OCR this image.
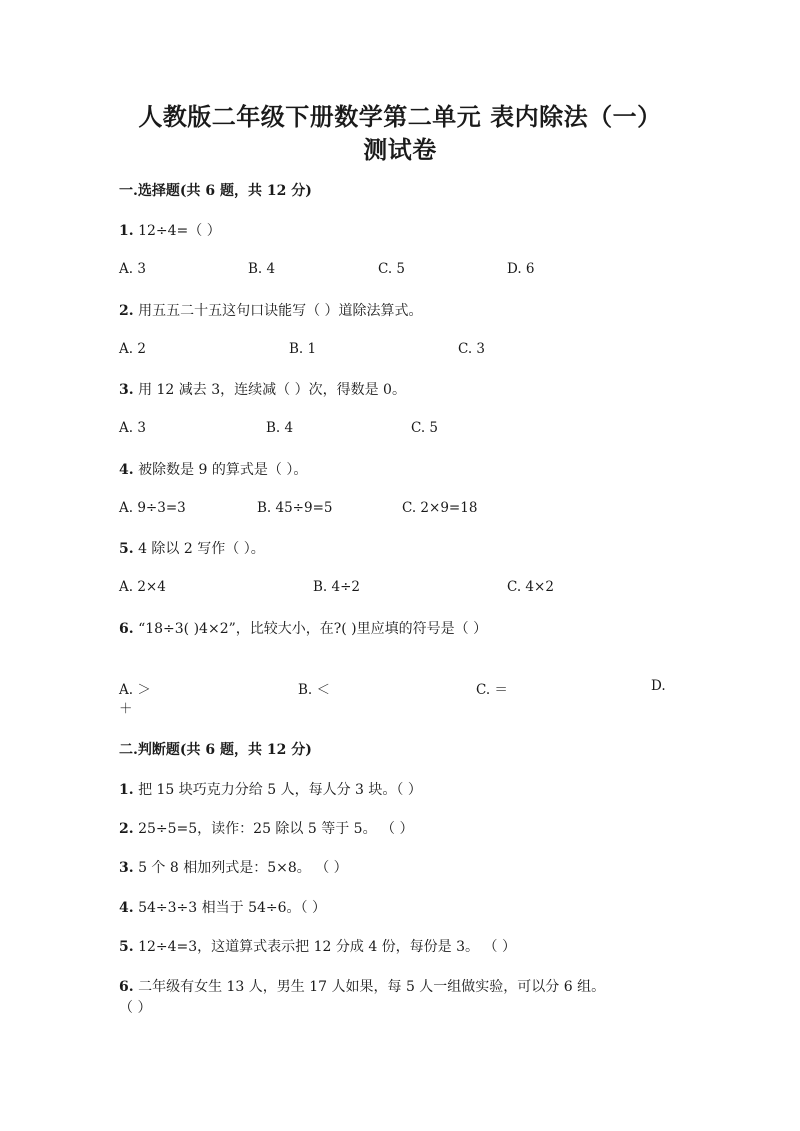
人教版二年级下册数学第二单元 表内除法（一）
测试卷
一.选择题(共 6 题，共 12 分)
1. 12÷4=（ ）
A. 3	B. 4	C. 5	D. 6
2. 用五五二十五这句口诀能写（ ）道除法算式。
A. 2	B. 1	C. 3
3. 用 12 减去 3，连续减（ ）次，得数是 0。
A. 3	B. 4	C. 5
4. 被除数是 9 的算式是（ ）。
A. 9÷3=3	B. 45÷9=5	C. 2×9=18
5. 4 除以 2 写作（ ）。
A. 2×4	B. 4÷2	C. 4×2
6. “18÷3( )4×2”，比较大小，在?( )里应填的符号是（ ）
A. ＞	B. ＜	C. ＝	D.
＋
二.判断题(共 6 题，共 12 分)
1. 把 15 块巧克力分给 5 人，每人分 3 块。（ ）
2. 25÷5=5，读作：25 除以 5 等于 5。 （ ）
3. 5 个 8 相加列式是：5×8。 （ ）
4. 54÷3÷3 相当于 54÷6。（ ）
5. 12÷4=3，这道算式表示把 12 分成 4 份，每份是 3。 （ ）
6. 二年级有女生 13 人，男生 17 人如果，每 5 人一组做实验，可以分 6 组。
（ ）
